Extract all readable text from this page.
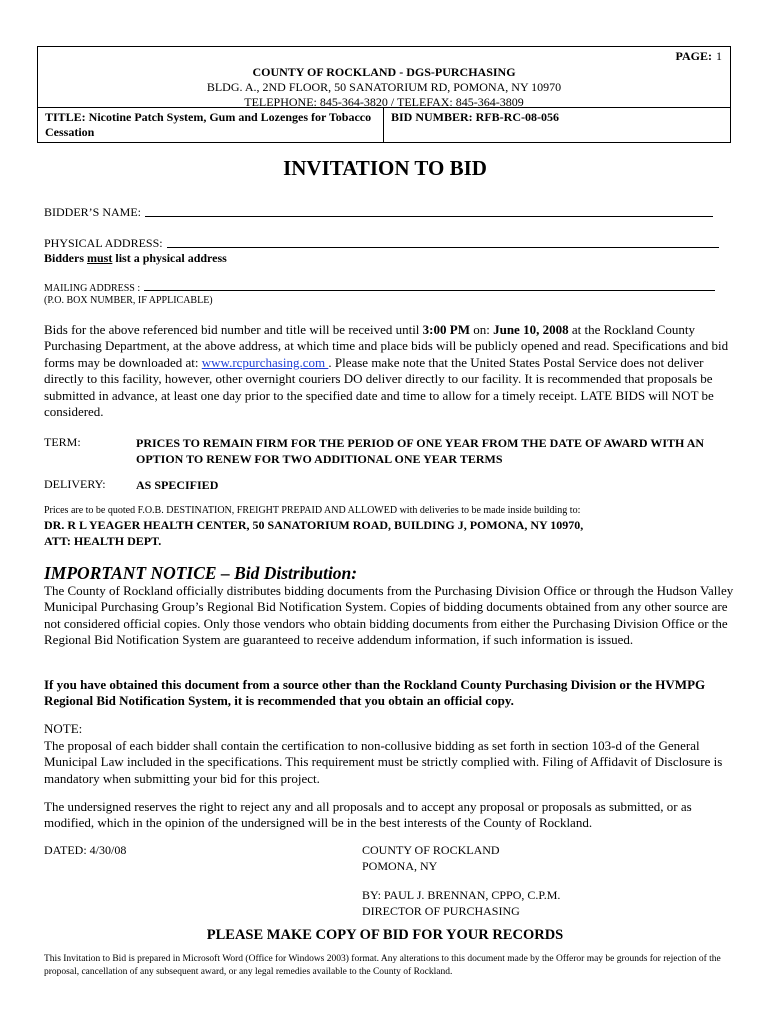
PAGE: 1
COUNTY OF ROCKLAND - DGS-PURCHASING
BLDG. A., 2ND FLOOR, 50 SANATORIUM RD, POMONA, NY 10970
TELEPHONE: 845-364-3820 / TELEFAX: 845-364-3809
TITLE: Nicotine Patch System, Gum and Lozenges for Tobacco Cessation
BID NUMBER: RFB-RC-08-056
INVITATION TO BID
BIDDER’S NAME:
PHYSICAL ADDRESS:
Bidders must list a physical address
MAILING ADDRESS :
(P.O. BOX NUMBER, IF APPLICABLE)
Bids for the above referenced bid number and title will be received until 3:00 PM on: June 10, 2008 at the Rockland County Purchasing Department, at the above address, at which time and place bids will be publicly opened and read. Specifications and bid forms may be downloaded at: www.rcpurchasing.com . Please make note that the United States Postal Service does not deliver directly to this facility, however, other overnight couriers DO deliver directly to our facility. It is recommended that proposals be submitted in advance, at least one day prior to the specified date and time to allow for a timely receipt. LATE BIDS will NOT be considered.
TERM:	PRICES TO REMAIN FIRM FOR THE PERIOD OF ONE YEAR FROM THE DATE OF AWARD WITH AN OPTION TO RENEW FOR TWO ADDITIONAL ONE YEAR TERMS
DELIVERY:	AS SPECIFIED
Prices are to be quoted F.O.B. DESTINATION, FREIGHT PREPAID AND ALLOWED with deliveries to be made inside building to:
DR. R L YEAGER HEALTH CENTER, 50 SANATORIUM ROAD, BUILDING J, POMONA, NY 10970,
ATT: HEALTH DEPT.
IMPORTANT NOTICE – Bid Distribution:
The County of Rockland officially distributes bidding documents from the Purchasing Division Office or through the Hudson Valley Municipal Purchasing Group’s Regional Bid Notification System. Copies of bidding documents obtained from any other source are not considered official copies. Only those vendors who obtain bidding documents from either the Purchasing Division Office or the Regional Bid Notification System are guaranteed to receive addendum information, if such information is issued.
If you have obtained this document from a source other than the Rockland County Purchasing Division or the HVMPG Regional Bid Notification System, it is recommended that you obtain an official copy.
NOTE:
The proposal of each bidder shall contain the certification to non-collusive bidding as set forth in section 103-d of the General Municipal Law included in the specifications. This requirement must be strictly complied with. Filing of Affidavit of Disclosure is mandatory when submitting your bid for this project.
The undersigned reserves the right to reject any and all proposals and to accept any proposal or proposals as submitted, or as modified, which in the opinion of the undersigned will be in the best interests of the County of Rockland.
DATED: 4/30/08	COUNTY OF ROCKLAND
POMONA, NY
BY: PAUL J. BRENNAN, CPPO, C.P.M.
DIRECTOR OF PURCHASING
PLEASE MAKE COPY OF BID FOR YOUR RECORDS
This Invitation to Bid is prepared in Microsoft Word (Office for Windows 2003) format. Any alterations to this document made by the Offeror may be grounds for rejection of the proposal, cancellation of any subsequent award, or any legal remedies available to the County of Rockland.
